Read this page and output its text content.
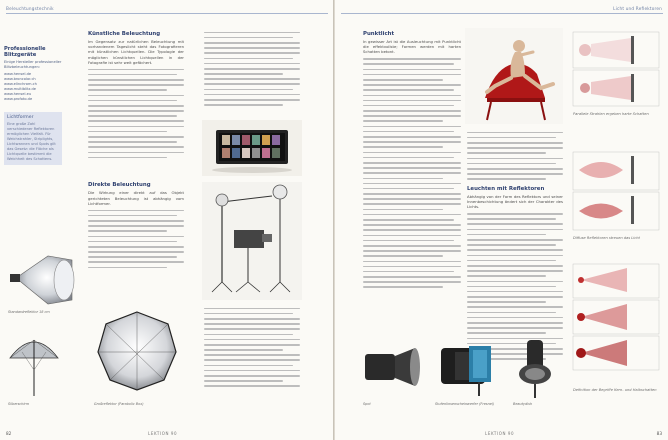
Beleuchtungstechnik
Professionelle Blitzgeräte
Einige Hersteller professioneller Blitzbeleuchtungen:
www.hensel.de
www.broncolor.ch
www.elinchrom.ch
www.multiblitz.de
www.hensel.eu
www.profoto.de
Lichtformer
Eine große Zahl verschiedener Reflektoren ermöglichen Vielfalt. Für Weichstrahler, Striplights, Lichtwannen und Spots gilt das Gesetz: die Fläche als Lichtquelle bestimmt die Weichheit des Schattens.
Künstliche Beleuchtung

Im Gegensatz zur natürlichen Beleuchtung mit vorhandenem Tageslicht steht das Fotografieren mit künstlichen Lichtquellen. Die Typologie der möglichen künstlichen Lichtquellen in der Fotografie ist sehr weit gefächert.

Direkte Beleuchtung

Die Wirkung einer direkt auf das Objekt gerichteten Beleuchtung ist abhängig vom Lichtformer.

Standardreflektor 18 cm
Silberschirm	Großreflektor (Parabolic Box)
82	LEKTION 90
Licht und Reflektoren
Punktlicht

In gewisser Art ist die Ausleuchtung mit Punktlicht die effektvollste; Formen werden mit harten Schatten betont.

Leuchten mit Reflektoren

Abhängig von der Form des Reflektors und seiner Innenbeschichtung ändert sich der Charakter des Lichts.

Parallele Strahlen ergeben harte Schatten
Diffuse Reflektoren streuen das Licht
Definition der Begriffe Kern- und Halbschatten
Spot	Stufenlinsenscheinwerfer (Fresnel)	Beautydish
LEKTION 90	83
